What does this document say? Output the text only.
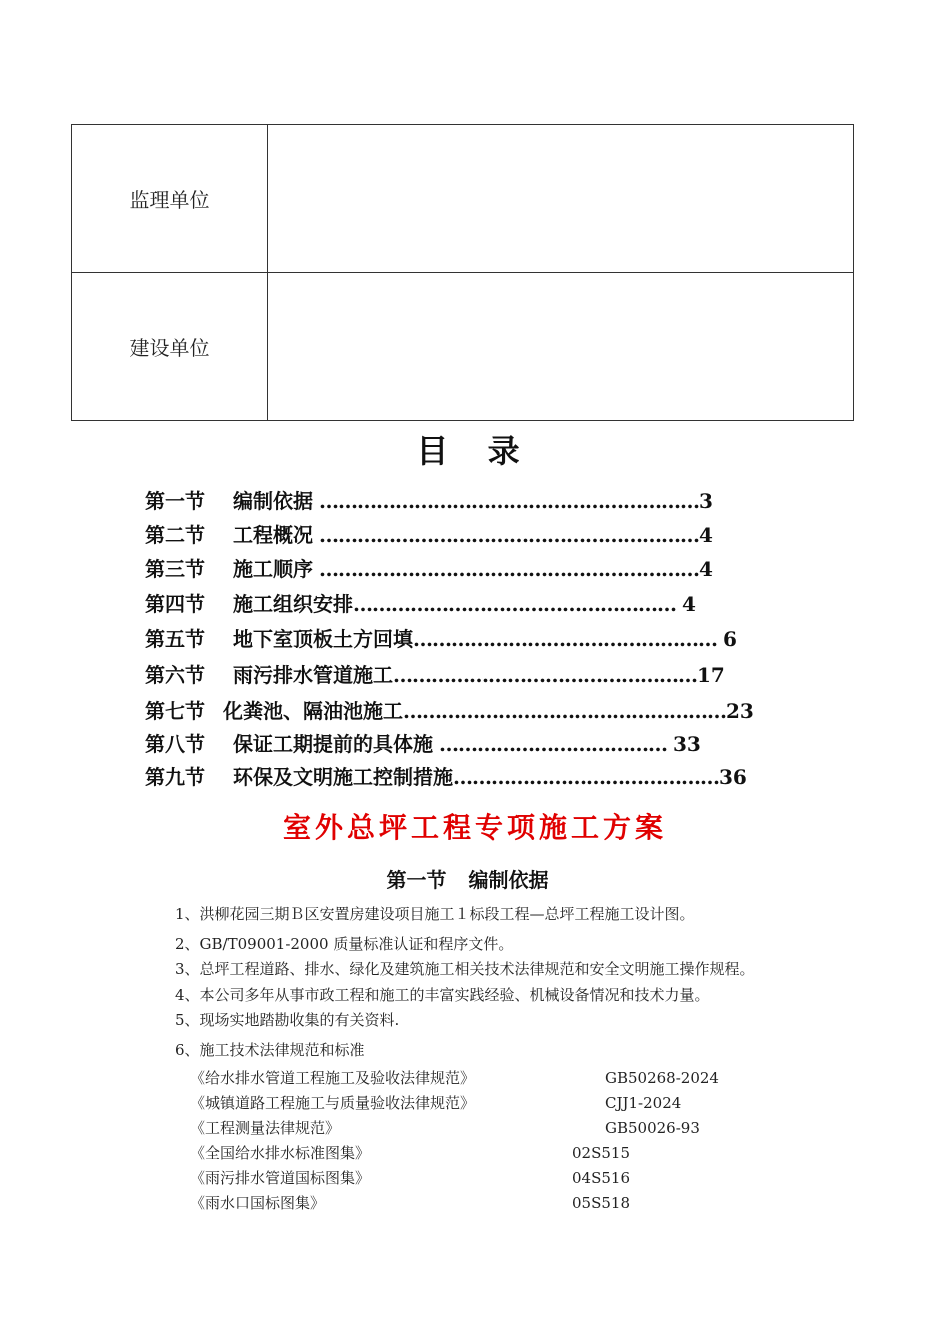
监理单位	
建设单位	
目 录
第一节 编制依据 ……………………………………………………3
第二节 工程概况 ……………………………………………………4
第三节 施工顺序 ……………………………………………………4
第四节 施工组织安排…………………………………………… 4
第五节 地下室顶板土方回填………………………………………… 6
第六节 雨污排水管道施工…………………………………………17
第七节 化粪池、隔油池施工……………………………………………23
第八节 保证工期提前的具体施 ……………………………… 33
第九节 环保及文明施工控制措施……………………………………36
室外总坪工程专项施工方案
第一节 编制依据
1、洪柳花园三期Ｂ区安置房建设项目施工１标段工程—总坪工程施工设计图。
2、GB/T09001-2000 质量标准认证和程序文件。
3、总坪工程道路、排水、绿化及建筑施工相关技术法律规范和安全文明施工操作规程。
4、本公司多年从事市政工程和施工的丰富实践经验、机械设备情况和技术力量。
5、现场实地踏勘收集的有关资料.
6、施工技术法律规范和标准
《给水排水管道工程施工及验收法律规范》	GB50268-2024
《城镇道路工程施工与质量验收法律规范》	CJJ1-2024
《工程测量法律规范》	GB50026-93
《全国给水排水标准图集》	02S515
《雨污排水管道国标图集》	04S516
《雨水口国标图集》	05S518
